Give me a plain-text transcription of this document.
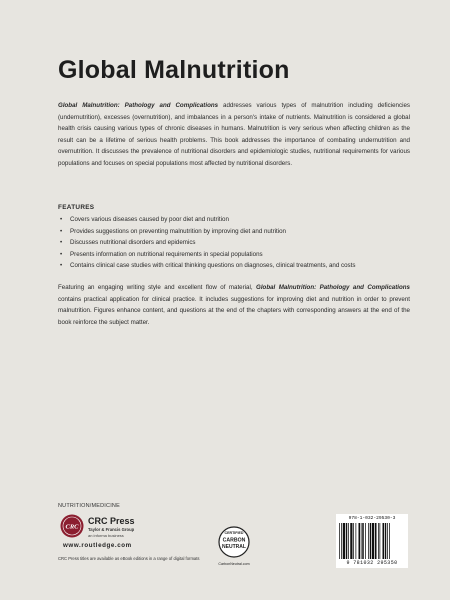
Global Malnutrition
Global Malnutrition: Pathology and Complications addresses various types of malnutrition including deficiencies (undernutrition), excesses (overnutrition), and imbalances in a person's intake of nutrients. Malnutrition is considered a global health crisis causing various types of chronic diseases in humans. Malnutrition is very serious when affecting children as the result can be a lifetime of serious health problems. This book addresses the importance of combating undernutrition and overnutrition. It discusses the prevalence of nutritional disorders and epidemiologic studies, nutritional requirements for various populations and focuses on special populations most affected by nutritional disorders.
FEATURES
• Covers various diseases caused by poor diet and nutrition
• Provides suggestions on preventing malnutrition by improving diet and nutrition
• Discusses nutritional disorders and epidemics
• Presents information on nutritional requirements in special populations
• Contains clinical case studies with critical thinking questions on diagnoses, clinical treatments, and costs
Featuring an engaging writing style and excellent flow of material, Global Malnutrition: Pathology and Complications contains practical application for clinical practice. It includes suggestions for improving diet and nutrition in order to prevent malnutrition. Figures enhance content, and questions at the end of the chapters with corresponding answers at the end of the book reinforce the subject matter.
NUTRITION/MEDICINE
CRC
CRC Press
Taylor & Francis Group
an informa business
www.routledge.com
CRC Press titles are available as eBook editions in a range of digital formats
CERTIFIED
CARBON
NEUTRAL
CarbonNeutral.com
978-1-032-29530-3
9 781032 295350
